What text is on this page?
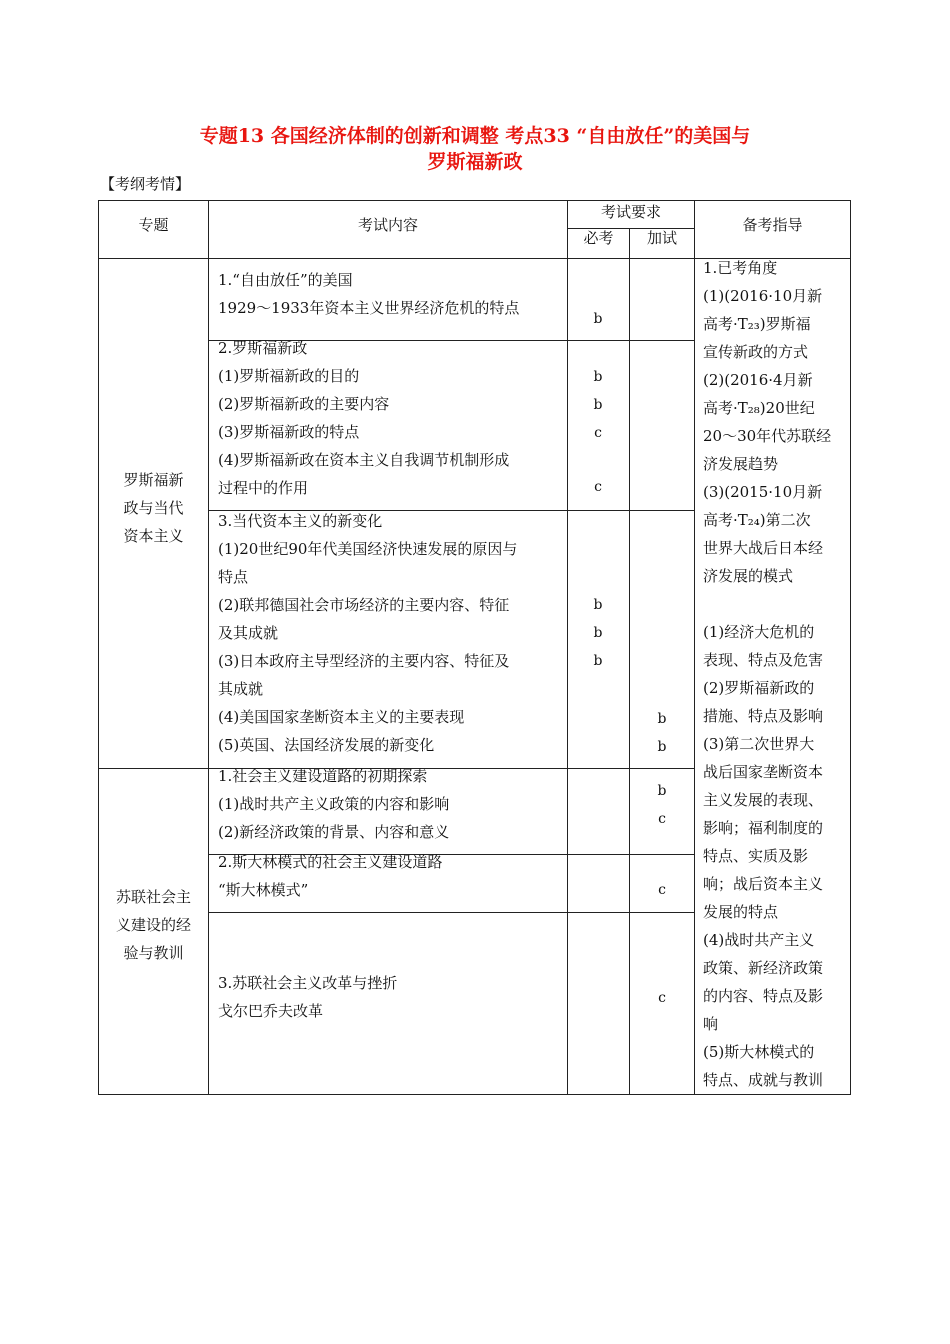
专题13 各国经济体制的创新和调整 考点33 “自由放任”的美国与
罗斯福新政
【考纲考情】
专题	考试内容
考试要求
必考	加试
备考指导
罗斯福新
政与当代
资本主义
苏联社会主
义建设的经
验与教训
1.“自由放任”的美国
1929～1933年资本主义世界经济危机的特点
2.罗斯福新政
(1)罗斯福新政的目的
(2)罗斯福新政的主要内容
(3)罗斯福新政的特点
(4)罗斯福新政在资本主义自我调节机制形成
过程中的作用
3.当代资本主义的新变化
(1)20世纪90年代美国经济快速发展的原因与
特点
(2)联邦德国社会市场经济的主要内容、特征
及其成就
(3)日本政府主导型经济的主要内容、特征及
其成就
(4)美国国家垄断资本主义的主要表现
(5)英国、法国经济发展的新变化
1.社会主义建设道路的初期探索
(1)战时共产主义政策的内容和影响
(2)新经济政策的背景、内容和意义
2.斯大林模式的社会主义建设道路
“斯大林模式”
3.苏联社会主义改革与挫折
戈尔巴乔夫改革
b
b
b
c
c
b
b
b
b
b
b
c
c
c
1.已考角度
(1)(2016·10月新
高考·T₂₃)罗斯福
宣传新政的方式
(2)(2016·4月新
高考·T₂₈)20世纪
20～30年代苏联经
济发展趋势
(3)(2015·10月新
高考·T₂₄)第二次
世界大战后日本经
济发展的模式

(1)经济大危机的
表现、特点及危害
(2)罗斯福新政的
措施、特点及影响
(3)第二次世界大
战后国家垄断资本
主义发展的表现、
影响；福利制度的
特点、实质及影
响；战后资本主义
发展的特点
(4)战时共产主义
政策、新经济政策
的内容、特点及影
响
(5)斯大林模式的
特点、成就与教训
